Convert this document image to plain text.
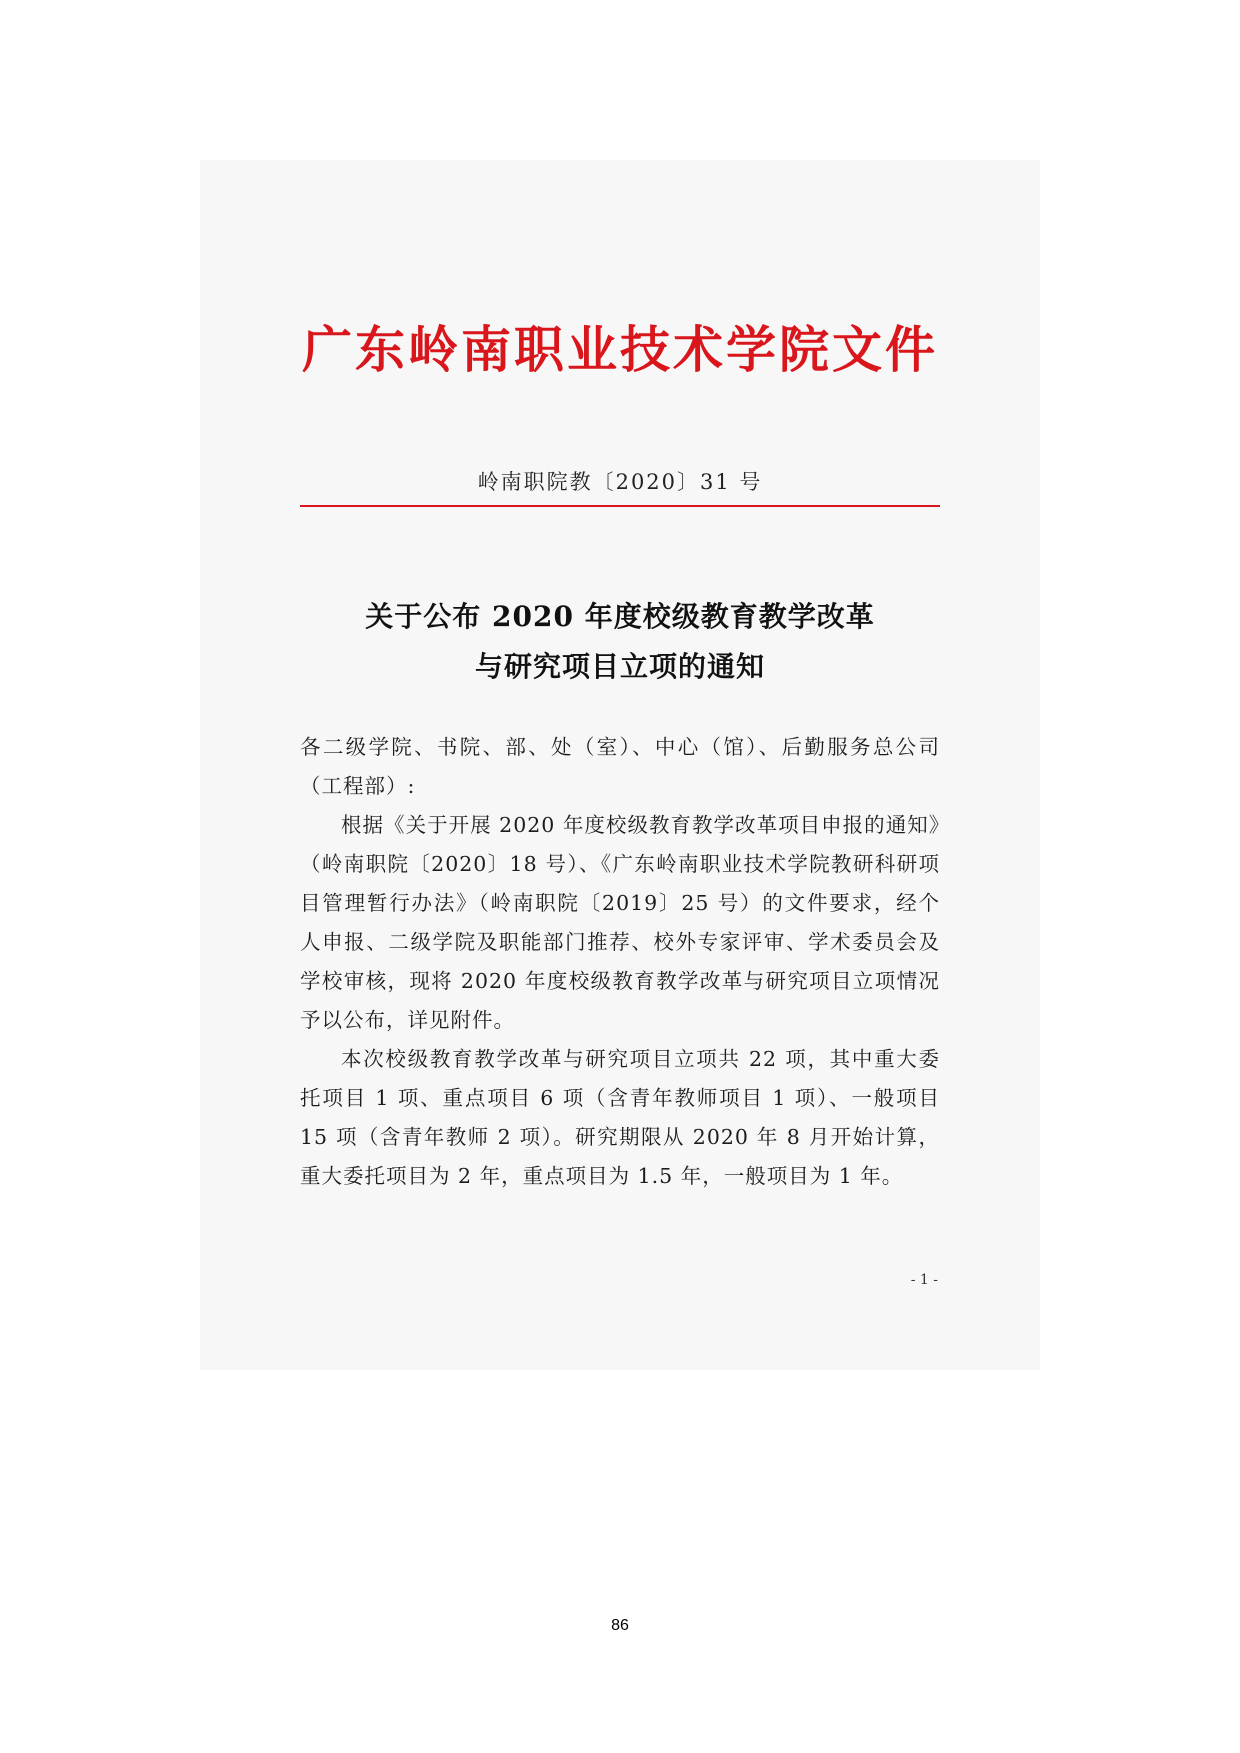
广东岭南职业技术学院文件
岭南职院教〔2020〕31 号
关于公布 2020 年度校级教育教学改革
与研究项目立项的通知

各二级学院、书院、部、处（室）、中心（馆）、后勤服务总公司（工程部）:

根据《关于开展 2020 年度校级教育教学改革项目申报的通知》（岭南职院〔2020〕18 号）、《广东岭南职业技术学院教研科研项目管理暂行办法》（岭南职院〔2019〕25 号）的文件要求，经个人申报、二级学院及职能部门推荐、校外专家评审、学术委员会及学校审核，现将 2020 年度校级教育教学改革与研究项目立项情况予以公布，详见附件。

本次校级教育教学改革与研究项目立项共 22 项，其中重大委托项目 1 项、重点项目 6 项（含青年教师项目 1 项）、一般项目 15 项（含青年教师 2 项）。研究期限从 2020 年 8 月开始计算，重大委托项目为 2 年，重点项目为 1.5 年，一般项目为 1 年。

- 1 -
86
